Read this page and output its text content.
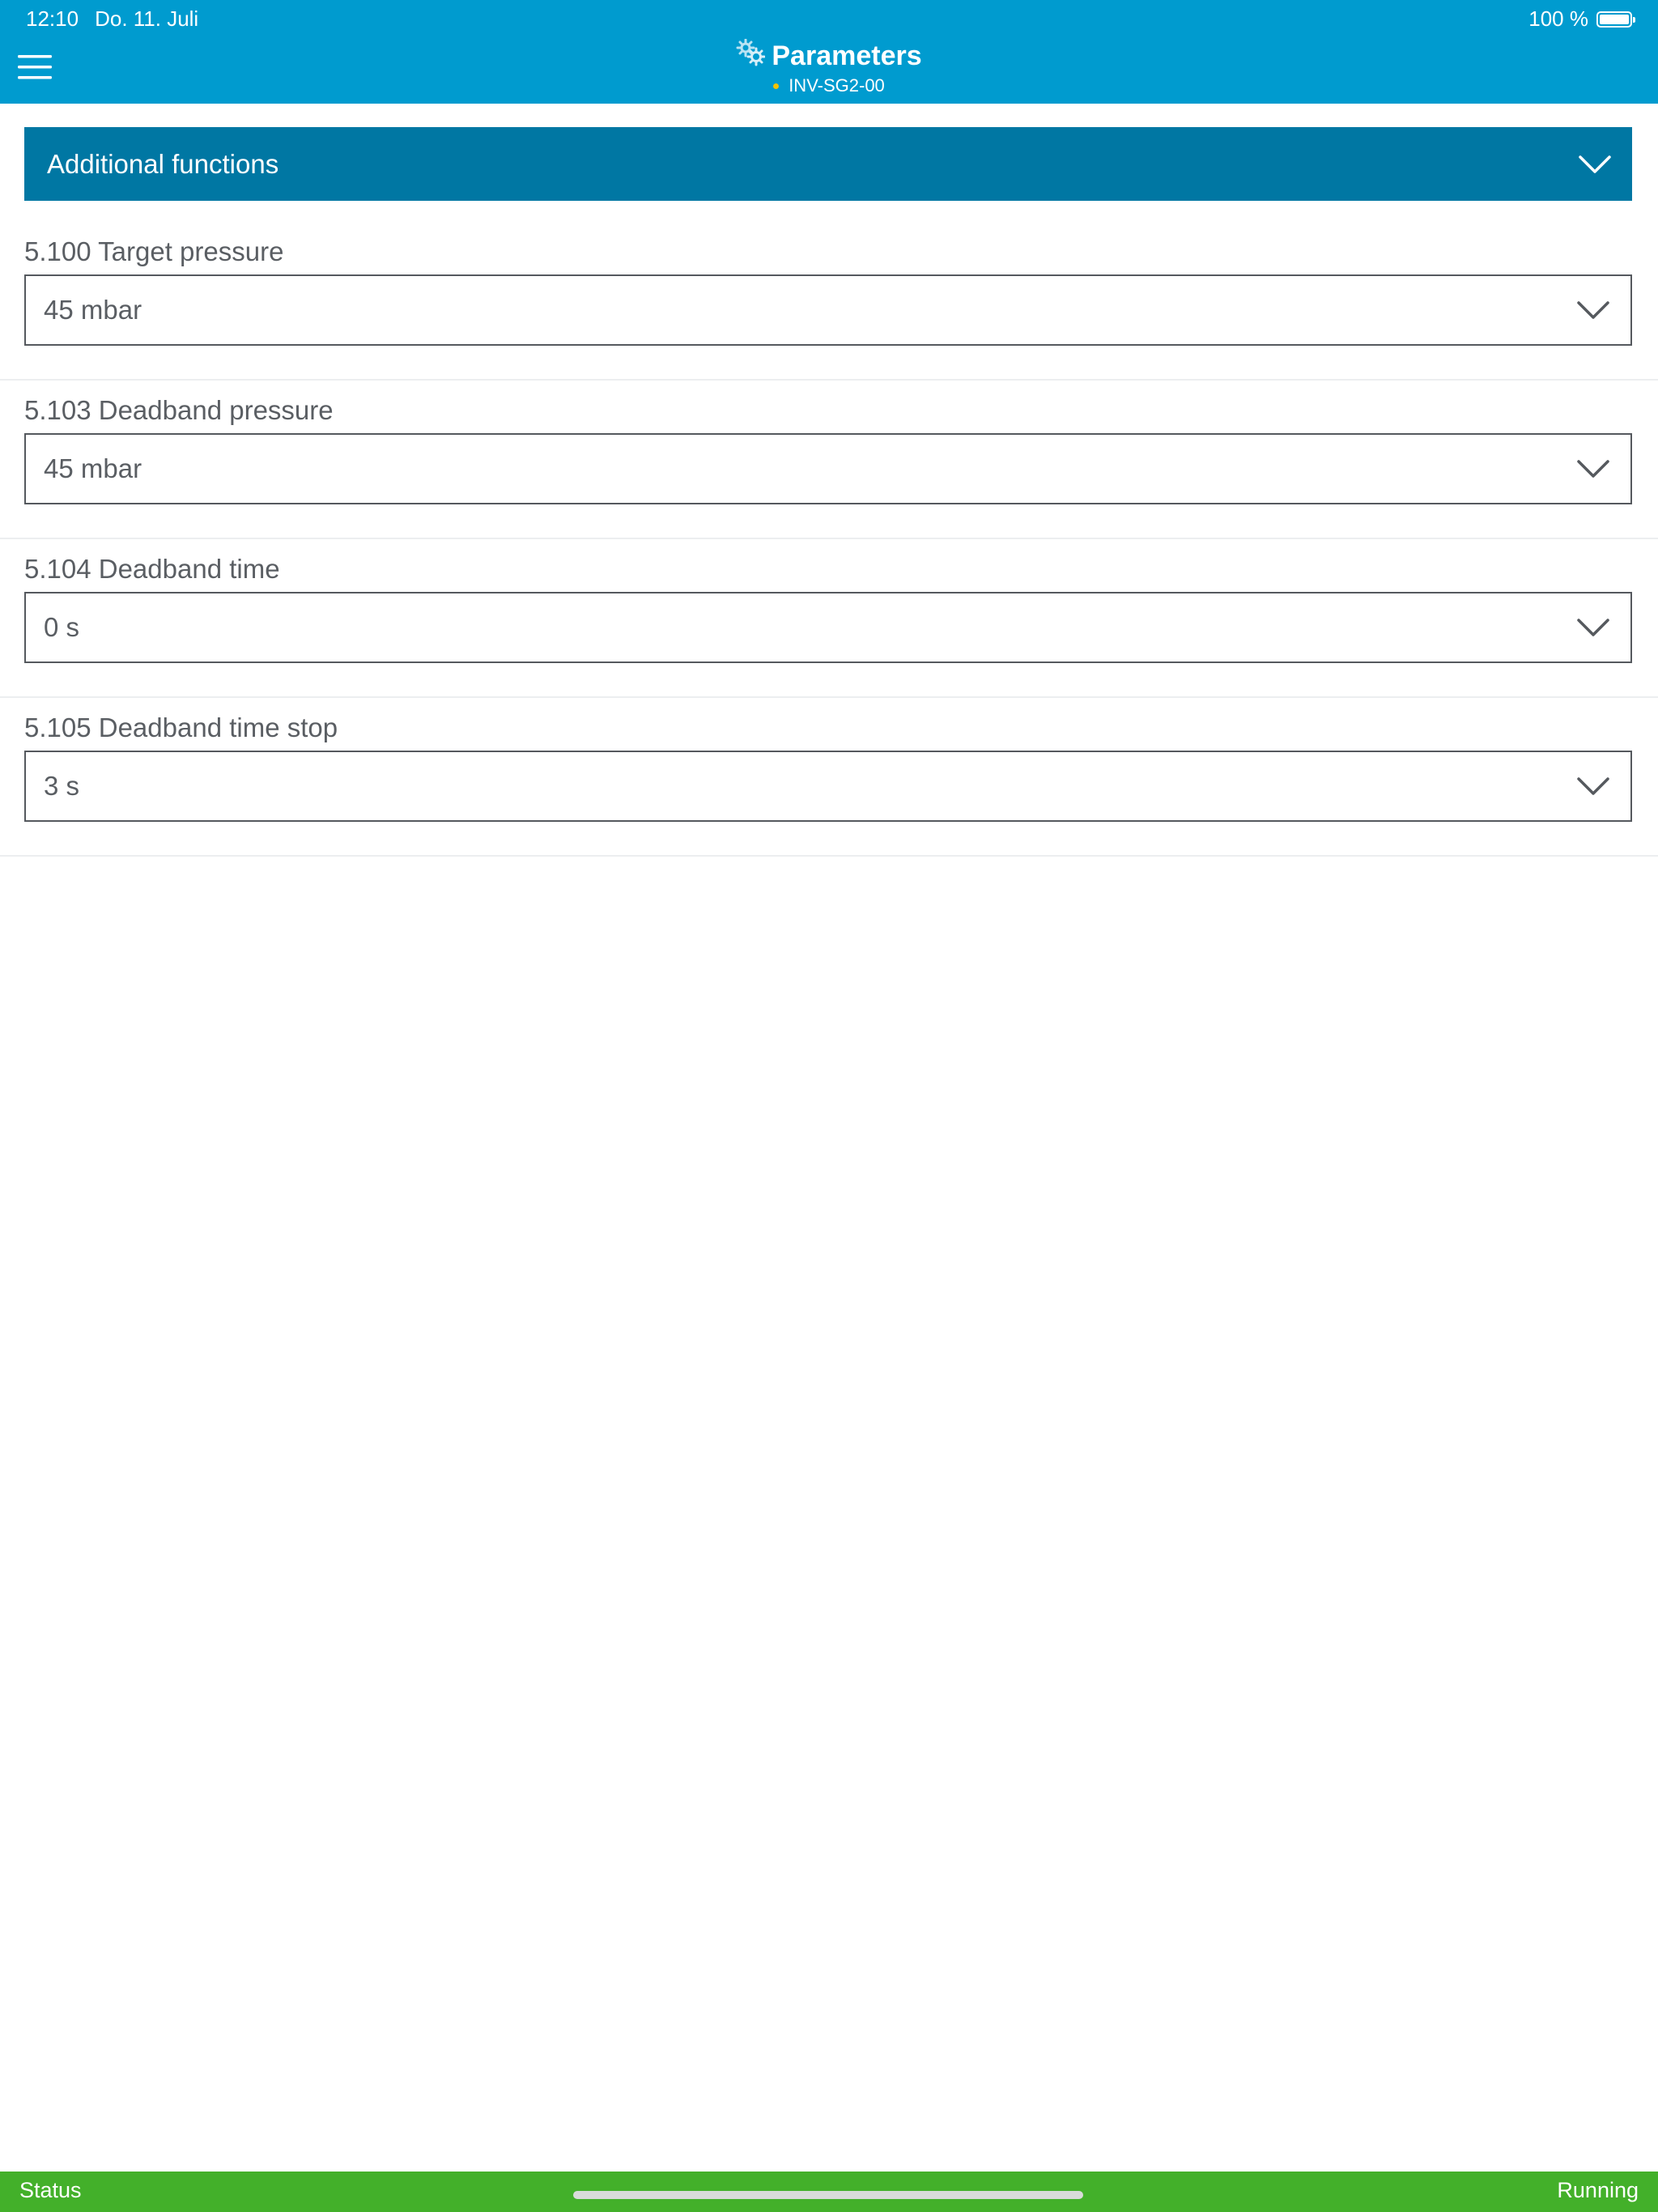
12:10 Do. 11. Juli	100 %
Parameters
INV-SG2-00
Additional functions
5.100 Target pressure
45 mbar
5.103 Deadband pressure
45 mbar
5.104 Deadband time
0 s
5.105 Deadband time stop
3 s
Status	Running
